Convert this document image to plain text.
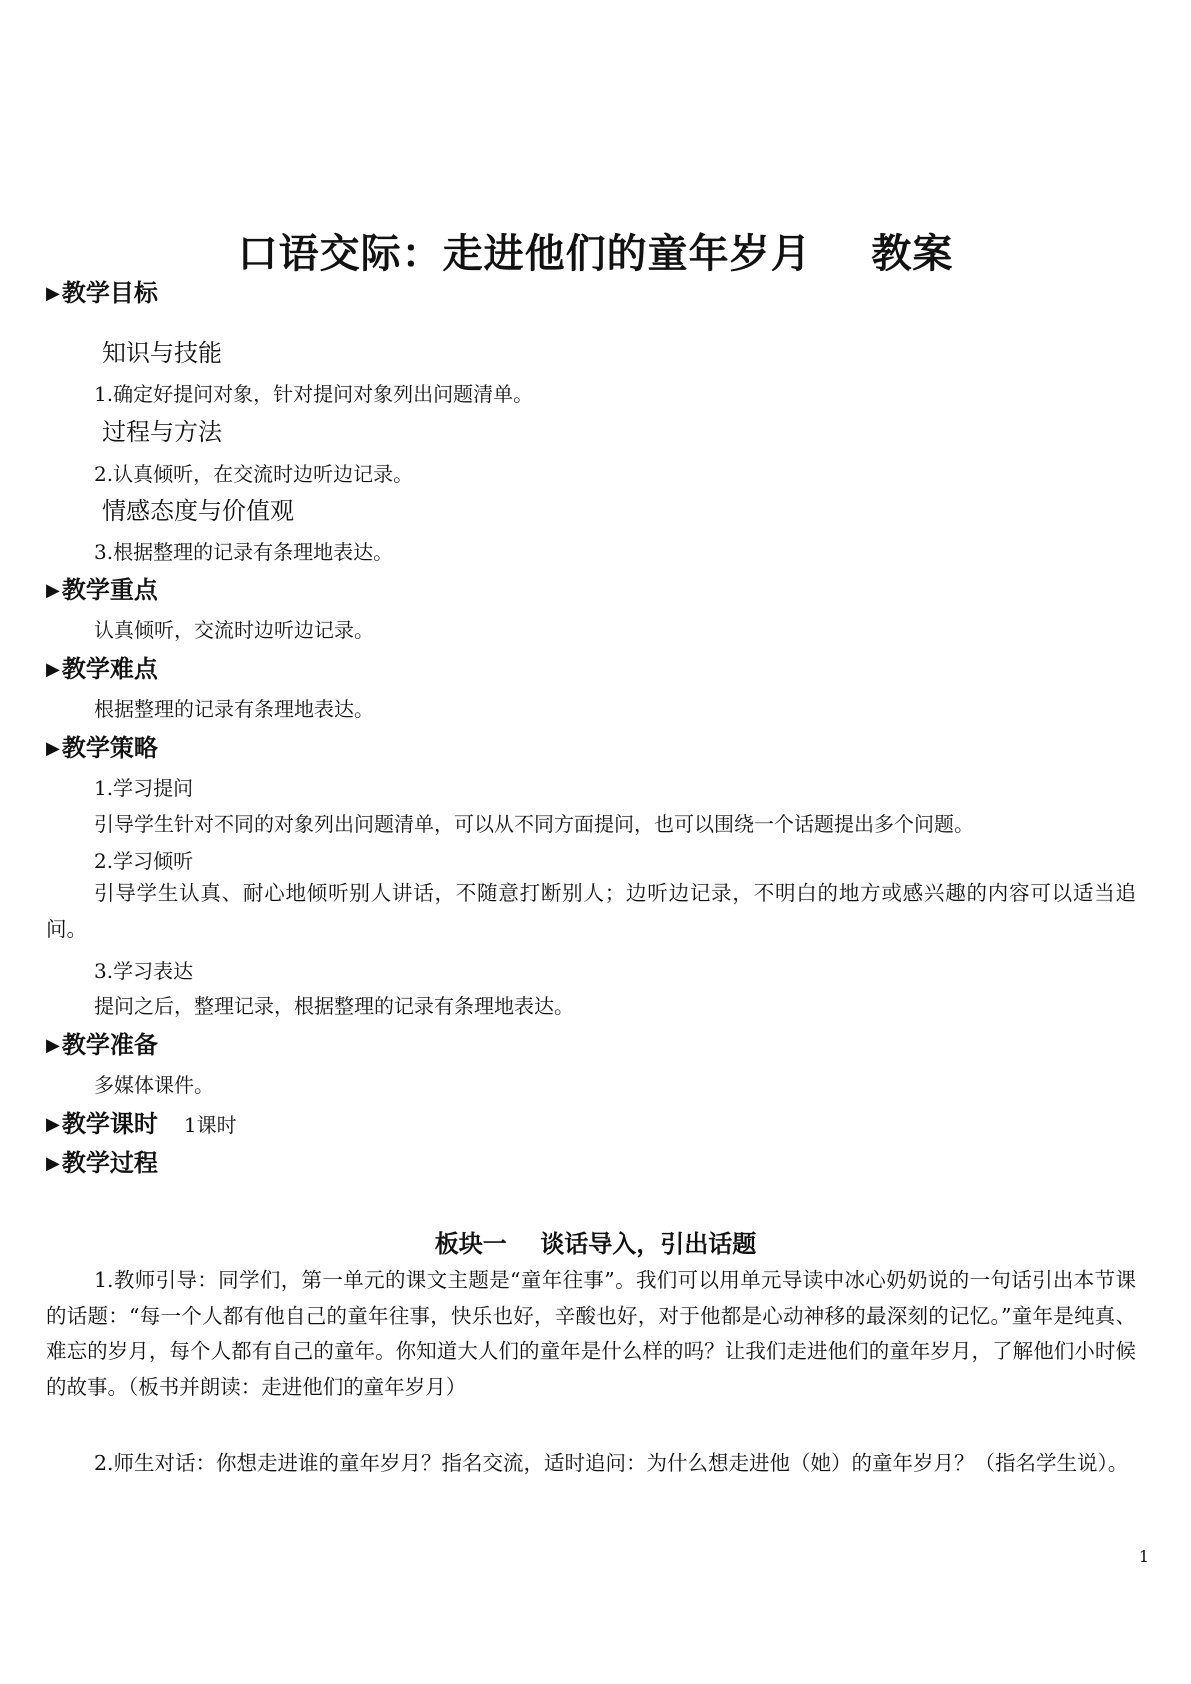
口语交际：走进他们的童年岁月    教案
▶教学目标
知识与技能
1.确定好提问对象，针对提问对象列出问题清单。
过程与方法
2.认真倾听，在交流时边听边记录。
情感态度与价值观
3.根据整理的记录有条理地表达。
▶教学重点
认真倾听，交流时边听边记录。
▶教学难点
根据整理的记录有条理地表达。
▶教学策略
1.学习提问
引导学生针对不同的对象列出问题清单，可以从不同方面提问，也可以围绕一个话题提出多个问题。
2.学习倾听
引导学生认真、耐心地倾听别人讲话，不随意打断别人；边听边记录，不明白的地方或感兴趣的内容可以适当追问。
3.学习表达
提问之后，整理记录，根据整理的记录有条理地表达。
▶教学准备
多媒体课件。
▶教学课时 1课时
▶教学过程
板块一    谈话导入，引出话题
1.教师引导：同学们，第一单元的课文主题是“童年往事”。我们可以用单元导读中冰心奶奶说的一句话引出本节课的话题：“每一个人都有他自己的童年往事，快乐也好，辛酸也好，对于他都是心动神移的最深刻的记忆。”童年是纯真、难忘的岁月，每个人都有自己的童年。你知道大人们的童年是什么样的吗？让我们走进他们的童年岁月，了解他们小时候的故事。（板书并朗读：走进他们的童年岁月）
2.师生对话：你想走进谁的童年岁月？指名交流，适时追问：为什么想走进他（她）的童年岁月？（指名学生说）。
1
